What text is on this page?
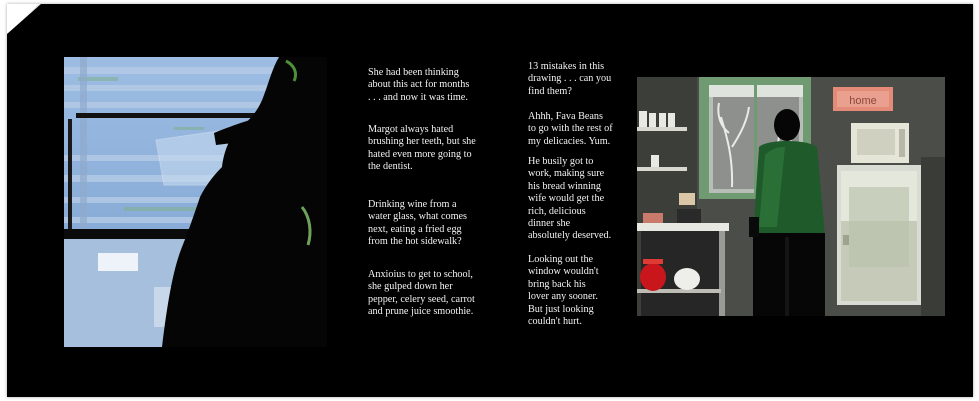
She had been thinking
about this act for months
. . . and now it was time.

Margot always hated
brushing her teeth, but she
hated even more going to
the dentist.

Drinking wine from a
water glass, what comes
next, eating a fried egg
from the hot sidewalk?

Anxioius to get to school,
she gulped down her
pepper, celery seed, carrot
and prune juice smoothie.

13 mistakes in this
drawing . . . can you
find them?

Ahhh, Fava Beans
to go with the rest of
my delicacies. Yum.

He busily got to
work, making sure
his bread winning
wife would get the
rich, delicious
dinner she
absolutely deserved.

Looking out the
window wouldn't
bring back his
lover any sooner.
But just looking
couldn't hurt.

home
